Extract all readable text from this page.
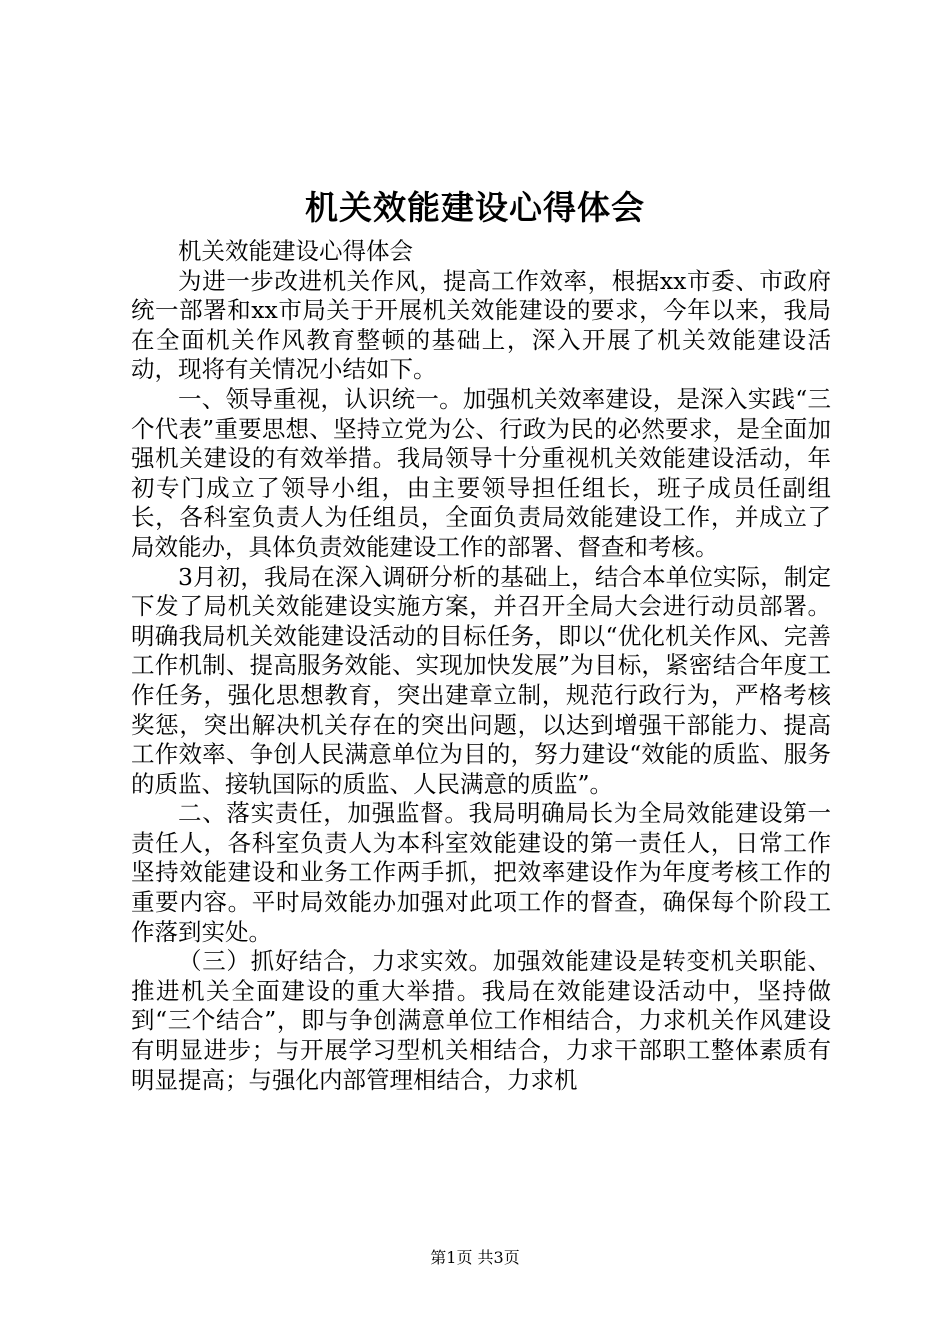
机关效能建设心得体会

机关效能建设心得体会

为进一步改进机关作风，提高工作效率，根据xx市委、市政府统一部署和xx市局关于开展机关效能建设的要求，今年以来，我局在全面机关作风教育整顿的基础上，深入开展了机关效能建设活动，现将有关情况小结如下。

一、领导重视，认识统一。加强机关效率建设，是深入实践“三个代表”重要思想、坚持立党为公、行政为民的必然要求，是全面加强机关建设的有效举措。我局领导十分重视机关效能建设活动，年初专门成立了领导小组，由主要领导担任组长，班子成员任副组长，各科室负责人为任组员，全面负责局效能建设工作，并成立了局效能办，具体负责效能建设工作的部署、督查和考核。

3月初，我局在深入调研分析的基础上，结合本单位实际，制定下发了局机关效能建设实施方案，并召开全局大会进行动员部署。明确我局机关效能建设活动的目标任务，即以“优化机关作风、完善工作机制、提高服务效能、实现加快发展”为目标，紧密结合年度工作任务，强化思想教育，突出建章立制，规范行政行为，严格考核奖惩，突出解决机关存在的突出问题，以达到增强干部能力、提高工作效率、争创人民满意单位为目的，努力建设“效能的质监、服务的质监、接轨国际的质监、人民满意的质监”。

二、落实责任，加强监督。我局明确局长为全局效能建设第一责任人，各科室负责人为本科室效能建设的第一责任人，日常工作坚持效能建设和业务工作两手抓，把效率建设作为年度考核工作的重要内容。平时局效能办加强对此项工作的督查，确保每个阶段工作落到实处。

（三）抓好结合，力求实效。加强效能建设是转变机关职能、推进机关全面建设的重大举措。我局在效能建设活动中，坚持做到“三个结合”，即与争创满意单位工作相结合，力求机关作风建设有明显进步；与开展学习型机关相结合，力求干部职工整体素质有明显提高；与强化内部管理相结合，力求机

第1页 共3页
